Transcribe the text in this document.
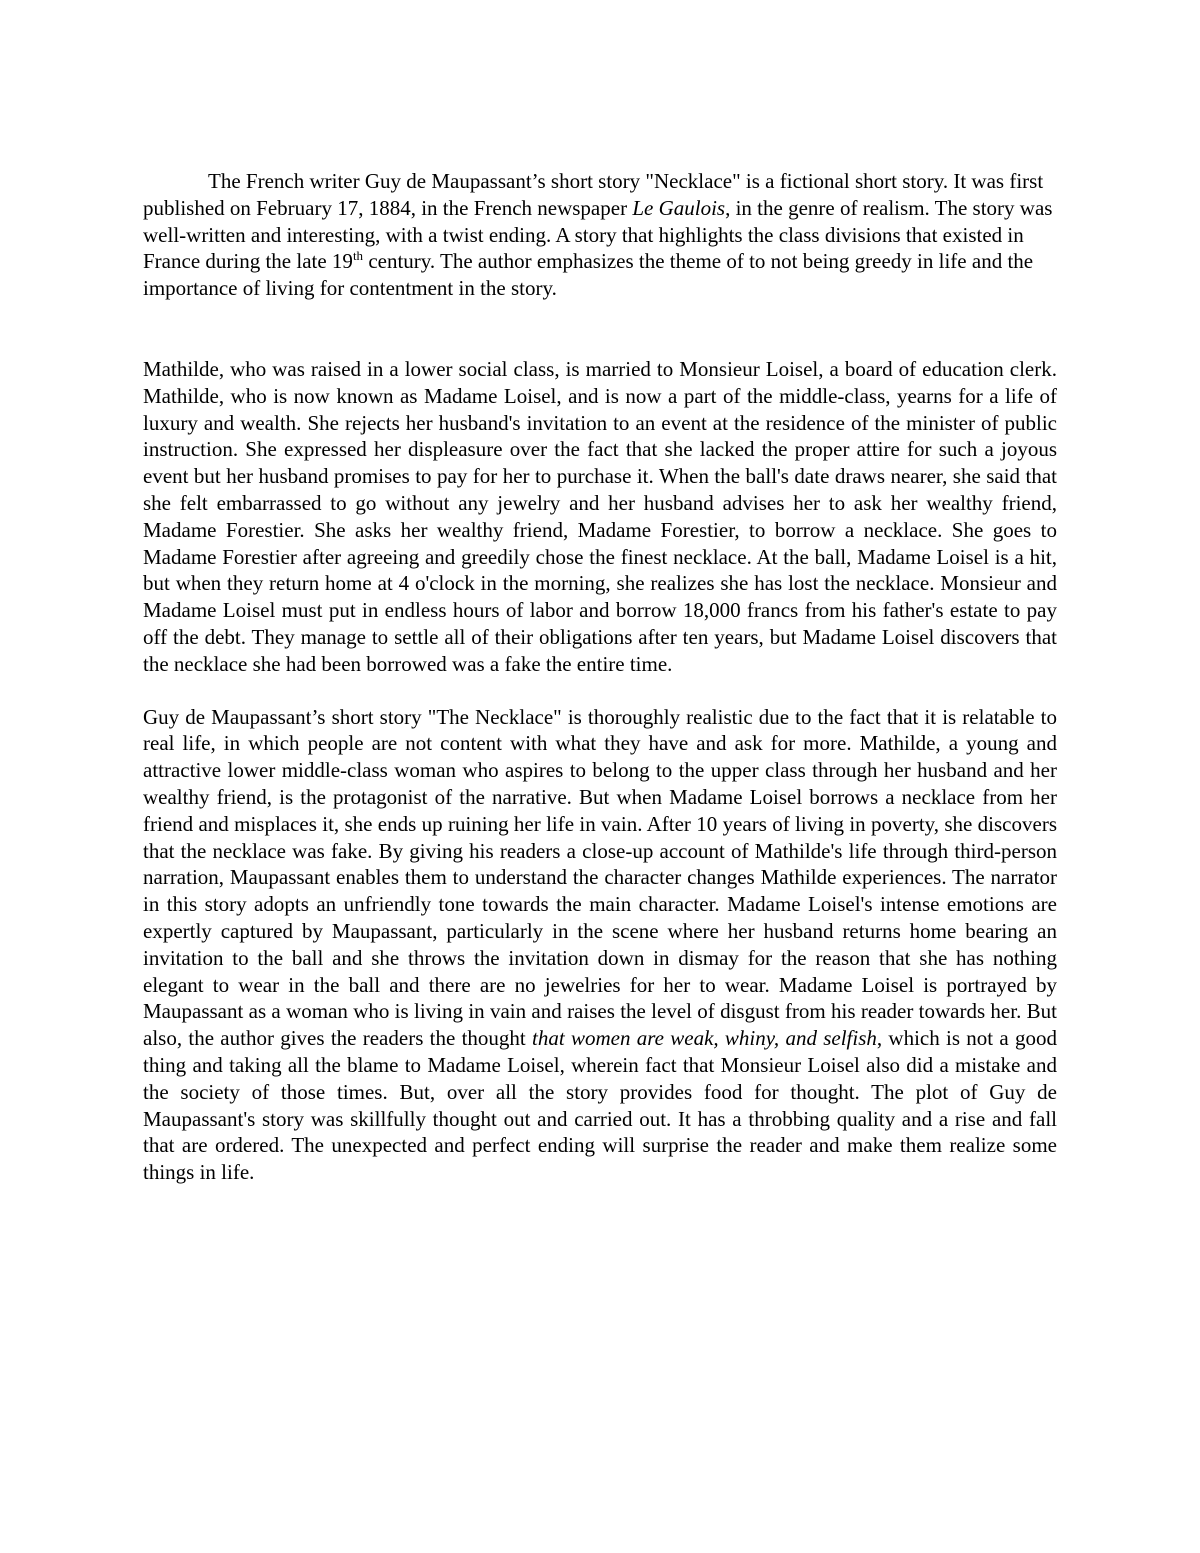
The French writer Guy de Maupassant’s short story "Necklace" is a fictional short story. It was first published on February 17, 1884, in the French newspaper Le Gaulois, in the genre of realism. The story was well-written and interesting, with a twist ending. A story that highlights the class divisions that existed in France during the late 19th century. The author emphasizes the theme of to not being greedy in life and the importance of living for contentment in the story.

Mathilde, who was raised in a lower social class, is married to Monsieur Loisel, a board of education clerk. Mathilde, who is now known as Madame Loisel, and is now a part of the middle-class, yearns for a life of luxury and wealth. She rejects her husband's invitation to an event at the residence of the minister of public instruction. She expressed her displeasure over the fact that she lacked the proper attire for such a joyous event but her husband promises to pay for her to purchase it. When the ball's date draws nearer, she said that she felt embarrassed to go without any jewelry and her husband advises her to ask her wealthy friend, Madame Forestier. She asks her wealthy friend, Madame Forestier, to borrow a necklace. She goes to Madame Forestier after agreeing and greedily chose the finest necklace. At the ball, Madame Loisel is a hit, but when they return home at 4 o'clock in the morning, she realizes she has lost the necklace. Monsieur and Madame Loisel must put in endless hours of labor and borrow 18,000 francs from his father's estate to pay off the debt. They manage to settle all of their obligations after ten years, but Madame Loisel discovers that the necklace she had been borrowed was a fake the entire time.

Guy de Maupassant’s short story "The Necklace" is thoroughly realistic due to the fact that it is relatable to real life, in which people are not content with what they have and ask for more. Mathilde, a young and attractive lower middle-class woman who aspires to belong to the upper class through her husband and her wealthy friend, is the protagonist of the narrative. But when Madame Loisel borrows a necklace from her friend and misplaces it, she ends up ruining her life in vain. After 10 years of living in poverty, she discovers that the necklace was fake. By giving his readers a close-up account of Mathilde's life through third-person narration, Maupassant enables them to understand the character changes Mathilde experiences. The narrator in this story adopts an unfriendly tone towards the main character. Madame Loisel's intense emotions are expertly captured by Maupassant, particularly in the scene where her husband returns home bearing an invitation to the ball and she throws the invitation down in dismay for the reason that she has nothing elegant to wear in the ball and there are no jewelries for her to wear. Madame Loisel is portrayed by Maupassant as a woman who is living in vain and raises the level of disgust from his reader towards her. But also, the author gives the readers the thought that women are weak, whiny, and selfish, which is not a good thing and taking all the blame to Madame Loisel, wherein fact that Monsieur Loisel also did a mistake and the society of those times. But, over all the story provides food for thought. The plot of Guy de Maupassant's story was skillfully thought out and carried out. It has a throbbing quality and a rise and fall that are ordered. The unexpected and perfect ending will surprise the reader and make them realize some things in life.
